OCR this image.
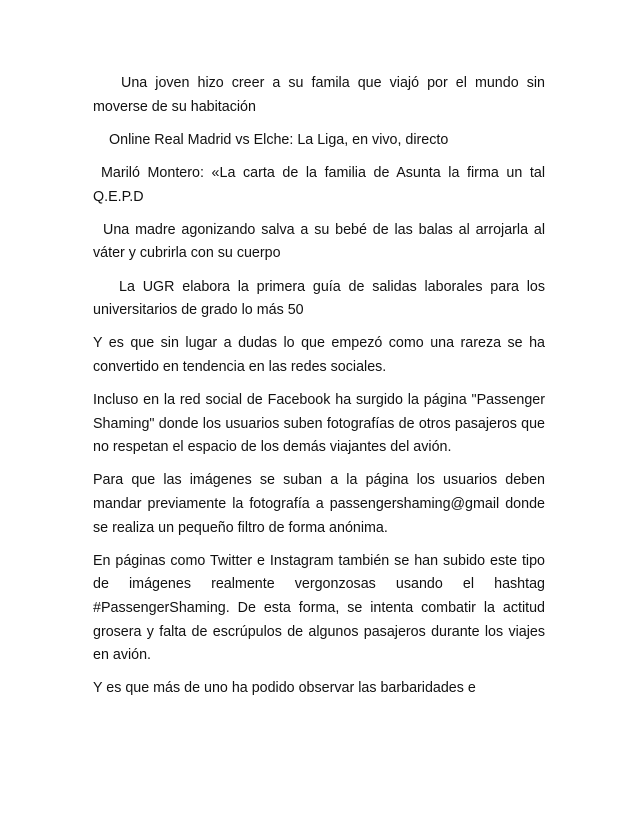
Una joven hizo creer a su famila que viajó por el mundo sin moverse de su habitación

Online Real Madrid vs Elche: La Liga, en vivo, directo

Mariló Montero: «La carta de la familia de Asunta la firma un tal Q.E.P.D

Una madre agonizando salva a su bebé de las balas al arrojarla al váter y cubrirla con su cuerpo

La UGR elabora la primera guía de salidas laborales para los universitarios de grado lo más 50

Y es que sin lugar a dudas lo que empezó como una rareza se ha convertido en tendencia en las redes sociales.

Incluso en la red social de Facebook ha surgido la página "Passenger Shaming" donde los usuarios suben fotografías de otros pasajeros que no respetan el espacio de los demás viajantes del avión.

Para que las imágenes se suban a la página los usuarios deben mandar previamente la fotografía a passengershaming@gmail donde se realiza un pequeño filtro de forma anónima.

En páginas como Twitter e Instagram también se han subido este tipo de imágenes realmente vergonzosas usando el hashtag #PassengerShaming. De esta forma, se intenta combatir la actitud grosera y falta de escrúpulos de algunos pasajeros durante los viajes en avión.

Y es que más de uno ha podido observar las barbaridades e
